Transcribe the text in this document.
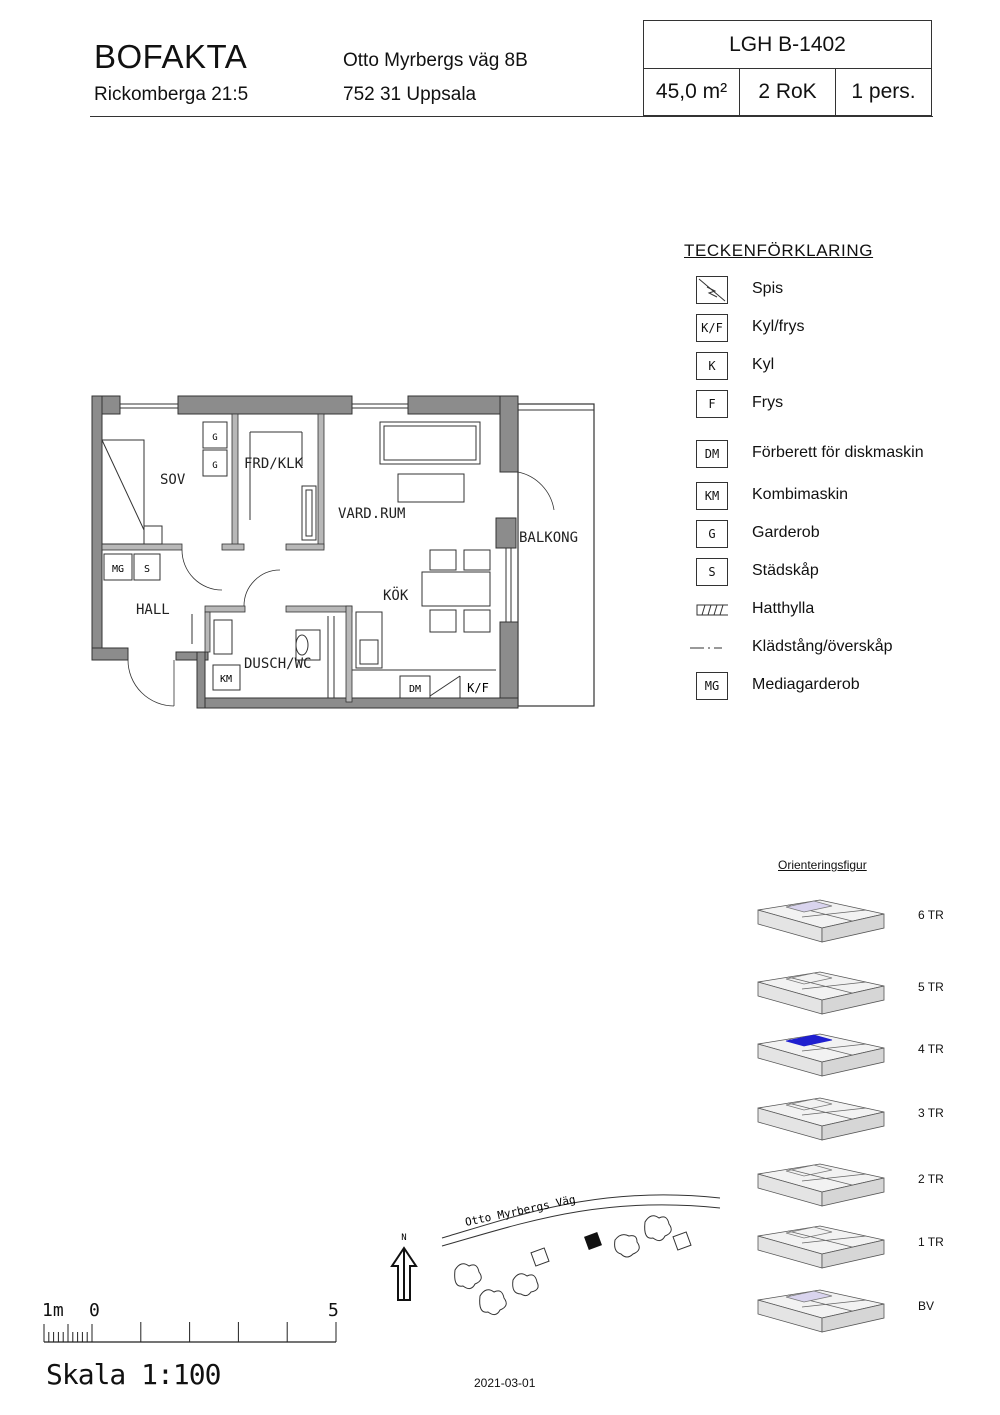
BOFAKTA
Rickomberga 21:5
Otto Myrbergs väg 8B
752 31 Uppsala
LGH B-1402
45,0 m²	2 RoK	1 pers.
G
G
MG S
KM
DM	K/F
SOV
FRD/KLK
VARD.RUM
BALKONG
KÖK
HALL
DUSCH/WC
TECKENFÖRKLARING
Spis
K/F Kyl/frys
K Kyl
F Frys
DM Förberett för diskmaskin
KM Kombimaskin
G Garderob
S Städskåp
Hatthylla
Klädstång/överskåp
MG Mediagarderob
Orienteringsfigur
6 TR
5 TR
4 TR
3 TR
2 TR
1 TR
BV
Otto Myrbergs Väg
N
1m 0	5
Skala 1:100	2021-03-01
